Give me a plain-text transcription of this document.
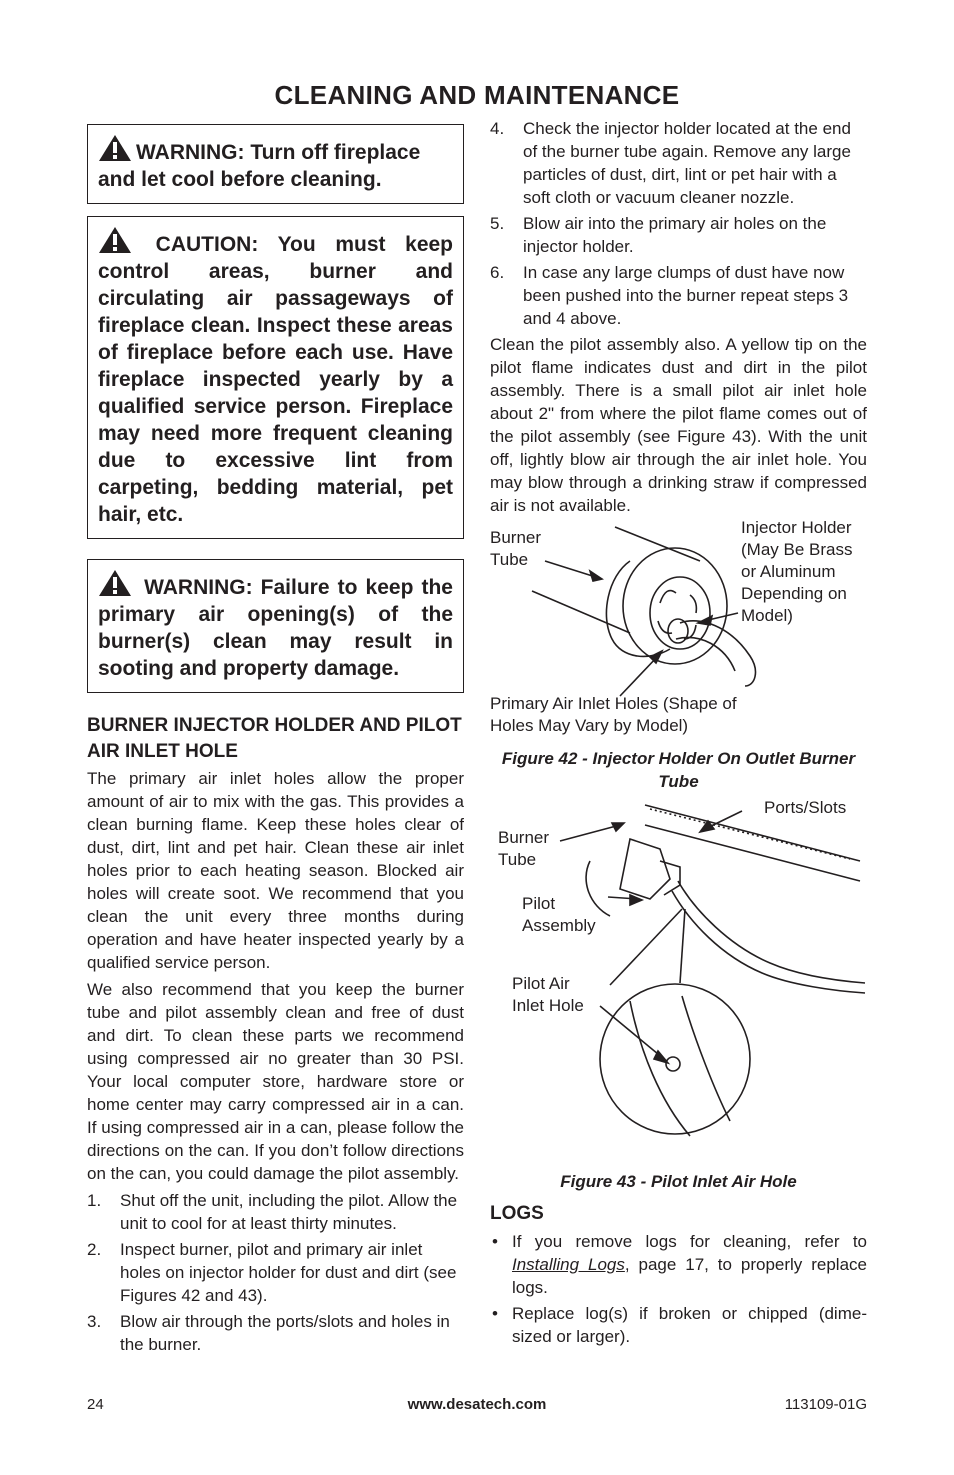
CLEANING AND MAINTENANCE
WARNING: Turn off fireplace and let cool before cleaning.
CAUTION: You must keep control areas, burner and circulating air passageways of fireplace clean. Inspect these areas of fireplace before each use. Have fireplace inspected yearly by a qualified service person. Fireplace may need more frequent cleaning due to excessive lint from carpeting, bedding material, pet hair, etc.
WARNING: Failure to keep the primary air opening(s) of the burner(s) clean may result in sooting and property damage.
BURNER INJECTOR HOLDER AND PILOT AIR INLET HOLE

The primary air inlet holes allow the proper amount of air to mix with the gas. This provides a clean burning flame. Keep these holes clear of dust, dirt, lint and pet hair. Clean these air inlet holes prior to each heating season. Blocked air holes will create soot. We recommend that you clean the unit every three months during operation and have heater inspected yearly by a qualified service person.

We also recommend that you keep the burner tube and pilot assembly clean and free of dust and dirt. To clean these parts we recommend using compressed air no greater than 30 PSI. Your local computer store, hardware store or home center may carry compressed air in a can. If using compressed air in a can, please follow the directions on the can. If you don’t follow directions on the can, you could damage the pilot assembly.

1. Shut off the unit, including the pilot. Allow the unit to cool for at least thirty minutes.
2. Inspect burner, pilot and primary air inlet holes on injector holder for dust and dirt (see Figures 42 and 43).
3. Blow air through the ports/slots and holes in the burner.
4. Check the injector holder located at the end of the burner tube again. Remove any large particles of dust, dirt, lint or pet hair with a soft cloth or vacuum cleaner nozzle.
5. Blow air into the primary air holes on the injector holder.
6. In case any large clumps of dust have now been pushed into the burner repeat steps 3 and 4 above.

Clean the pilot assembly also. A yellow tip on the pilot flame indicates dust and dirt in the pilot assembly. There is a small pilot air inlet hole about 2" from where the pilot flame comes out of the pilot assembly (see Figure 43). With the unit off, lightly blow air through the air inlet hole. You may blow through a drinking straw if compressed air is not available.

Burner Tube
Injector Holder (May Be Brass or Aluminum Depending on Model)
Primary Air Inlet Holes (Shape of Holes May Vary by Model)
Figure 42 - Injector Holder On Outlet Burner Tube
Ports/Slots
Burner Tube
Pilot Assembly
Pilot Air Inlet Hole
Figure 43 - Pilot Inlet Air Hole
LOGS
• If you remove logs for cleaning, refer to Installing Logs, page 17, to properly replace logs.
• Replace log(s) if broken or chipped (dime-sized or larger).
24	www.desatech.com	113109-01G
